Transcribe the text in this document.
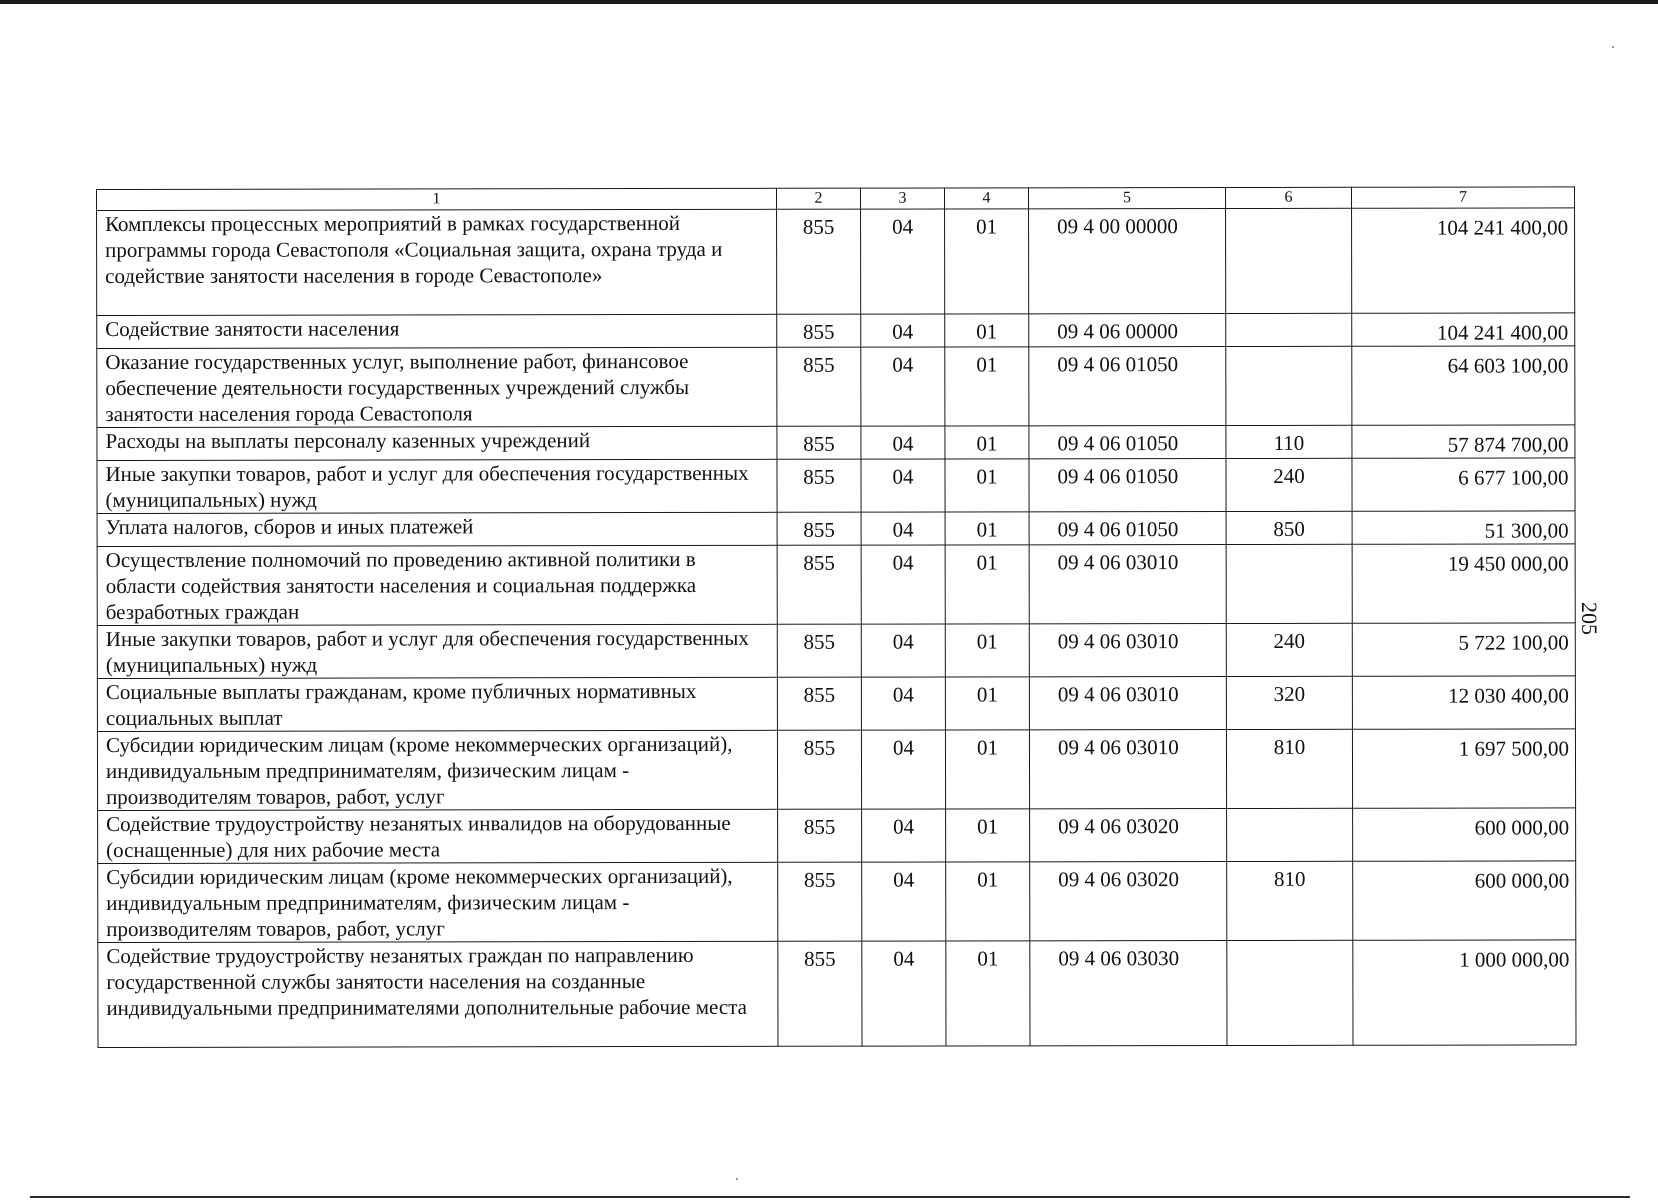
205
1	2	3	4	5	6	7
Комплексы процессных мероприятий в рамках государственной программы города Севастополя «Социальная защита, охрана труда и содействие занятости населения в городе Севастополе»	855	04	01	09 4 00 00000		104 241 400,00
Содействие занятости населения	855	04	01	09 4 06 00000		104 241 400,00
Оказание государственных услуг, выполнение работ, финансовое обеспечение деятельности государственных учреждений службы занятости населения города Севастополя	855	04	01	09 4 06 01050		64 603 100,00
Расходы на выплаты персоналу казенных учреждений	855	04	01	09 4 06 01050	110	57 874 700,00
Иные закупки товаров, работ и услуг для обеспечения государственных (муниципальных) нужд	855	04	01	09 4 06 01050	240	6 677 100,00
Уплата налогов, сборов и иных платежей	855	04	01	09 4 06 01050	850	51 300,00
Осуществление полномочий по проведению активной политики в области содействия занятости населения и социальная поддержка безработных граждан	855	04	01	09 4 06 03010		19 450 000,00
Иные закупки товаров, работ и услуг для обеспечения государственных (муниципальных) нужд	855	04	01	09 4 06 03010	240	5 722 100,00
Социальные выплаты гражданам, кроме публичных нормативных социальных выплат	855	04	01	09 4 06 03010	320	12 030 400,00
Субсидии юридическим лицам (кроме некоммерческих организаций), индивидуальным предпринимателям, физическим лицам - производителям товаров, работ, услуг	855	04	01	09 4 06 03010	810	1 697 500,00
Содействие трудоустройству незанятых инвалидов на оборудованные (оснащенные) для них рабочие места	855	04	01	09 4 06 03020		600 000,00
Субсидии юридическим лицам (кроме некоммерческих организаций), индивидуальным предпринимателям, физическим лицам - производителям товаров, работ, услуг	855	04	01	09 4 06 03020	810	600 000,00
Содействие трудоустройству незанятых граждан по направлению государственной службы занятости населения на созданные индивидуальными предпринимателями дополнительные рабочие места	855	04	01	09 4 06 03030		1 000 000,00
